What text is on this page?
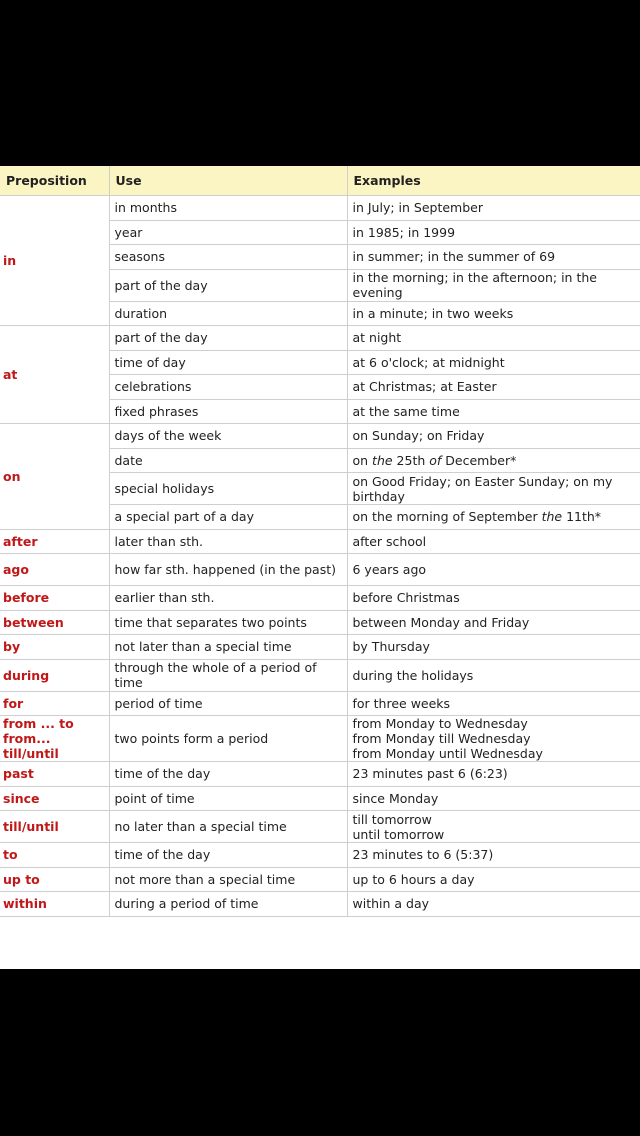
Preposition	Use	Examples
in	in months	in July; in September
	year	in 1985; in 1999
	seasons	in summer; in the summer of 69
	part of the day	in the morning; in the afternoon; in the evening
	duration	in a minute; in two weeks
at	part of the day	at night
	time of day	at 6 o'clock; at midnight
	celebrations	at Christmas; at Easter
	fixed phrases	at the same time
on	days of the week	on Sunday; on Friday
	date	on the 25th of December*
	special holidays	on Good Friday; on Easter Sunday; on my birthday
	a special part of a day	on the morning of September the 11th*
after	later than sth.	after school
ago	how far sth. happened (in the past)	6 years ago
before	earlier than sth.	before Christmas
between	time that separates two points	between Monday and Friday
by	not later than a special time	by Thursday
during	through the whole of a period of time	during the holidays
for	period of time	for three weeks
from ... to
from...
till/until	two points form a period	from Monday to Wednesday
from Monday till Wednesday
from Monday until Wednesday
past	time of the day	23 minutes past 6 (6:23)
since	point of time	since Monday
till/until	no later than a special time	till tomorrow
until tomorrow
to	time of the day	23 minutes to 6 (5:37)
up to	not more than a special time	up to 6 hours a day
within	during a period of time	within a day
